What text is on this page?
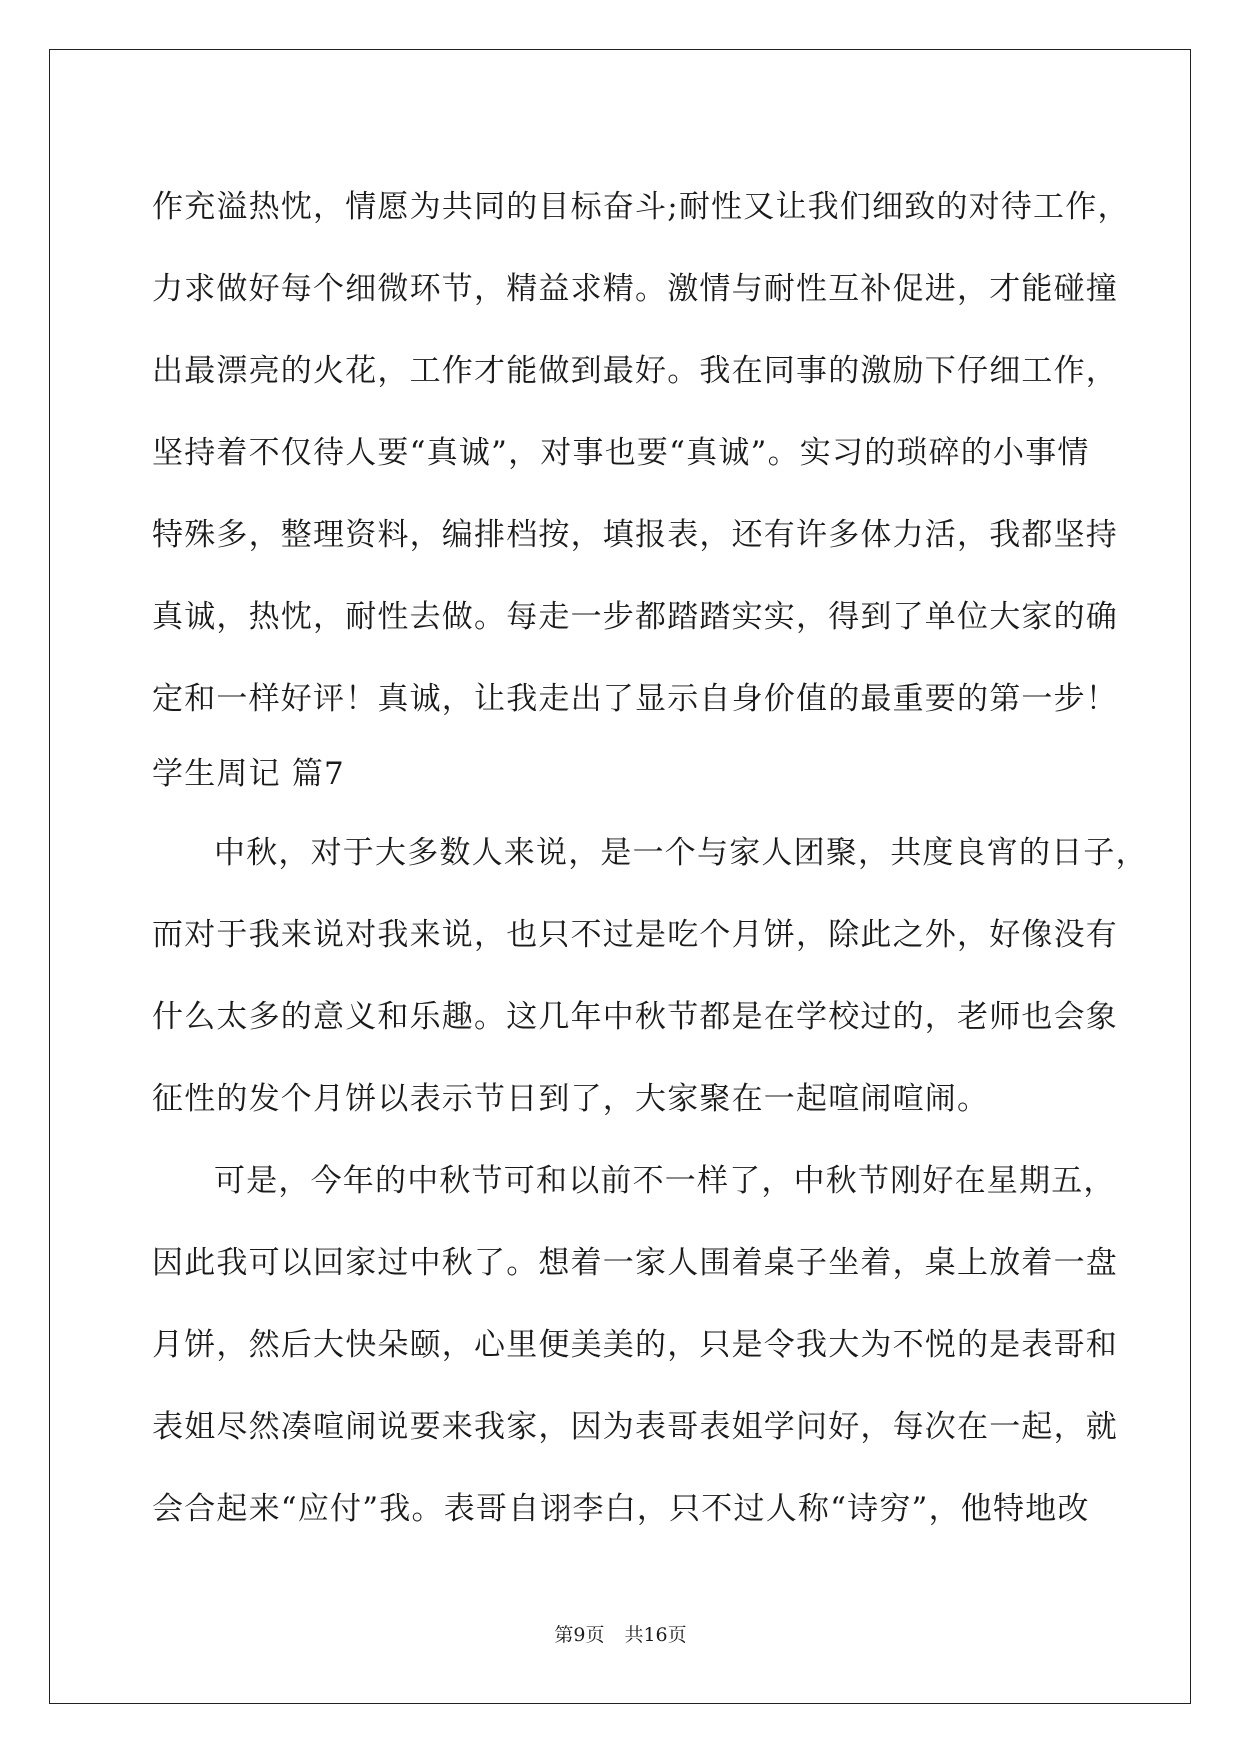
作充溢热忱，情愿为共同的目标奋斗;耐性又让我们细致的对待工作，
力求做好每个细微环节，精益求精。激情与耐性互补促进，才能碰撞
出最漂亮的火花，工作才能做到最好。我在同事的激励下仔细工作，
坚持着不仅待人要“真诚”，对事也要“真诚”。实习的琐碎的小事情
特殊多，整理资料，编排档按，填报表，还有许多体力活，我都坚持
真诚，热忱，耐性去做。每走一步都踏踏实实，得到了单位大家的确
定和一样好评！真诚，让我走出了显示自身价值的最重要的第一步！
学生周记 篇7
中秋，对于大多数人来说，是一个与家人团聚，共度良宵的日子，
而对于我来说对我来说，也只不过是吃个月饼，除此之外，好像没有
什么太多的意义和乐趣。这几年中秋节都是在学校过的，老师也会象
征性的发个月饼以表示节日到了，大家聚在一起喧闹喧闹。
可是，今年的中秋节可和以前不一样了，中秋节刚好在星期五，
因此我可以回家过中秋了。想着一家人围着桌子坐着，桌上放着一盘
月饼，然后大快朵颐，心里便美美的，只是令我大为不悦的是表哥和
表姐尽然凑喧闹说要来我家，因为表哥表姐学问好，每次在一起，就
会合起来“应付”我。表哥自诩李白，只不过人称“诗穷”，他特地改
第9页 共16页
